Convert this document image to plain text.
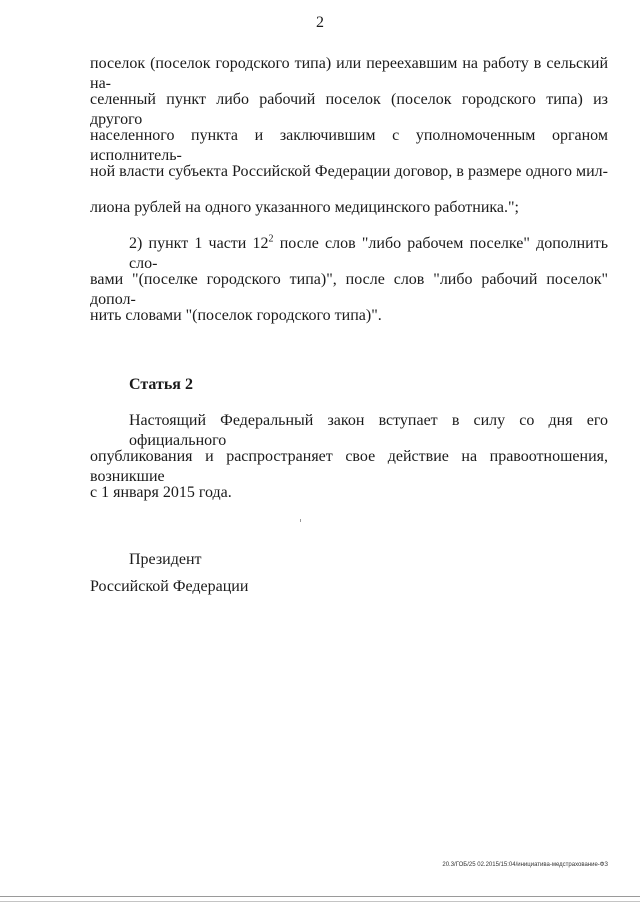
2
поселок (поселок городского типа) или переехавшим на работу в сельский на-
селенный пункт либо рабочий поселок (поселок городского типа) из другого
населенного пункта и заключившим с уполномоченным органом исполнитель-
ной власти субъекта Российской Федерации договор, в размере одного мил-
лиона рублей на одного указанного медицинского работника.";
2) пункт 1 части $12^2$ после слов "либо рабочем поселке" дополнить сло-
вами "(поселке городского типа)", после слов "либо рабочий поселок" допол-
нить словами "(поселок городского типа)".
Статья 2
Настоящий Федеральный закон вступает в силу со дня его официального
опубликования и распространяет свое действие на правоотношения, возникшие
с 1 января 2015 года.
Президент
Российской Федерации
20.3/ГОБ/25 02.2015/15:04/инициатива-медстрахование-ФЗ
